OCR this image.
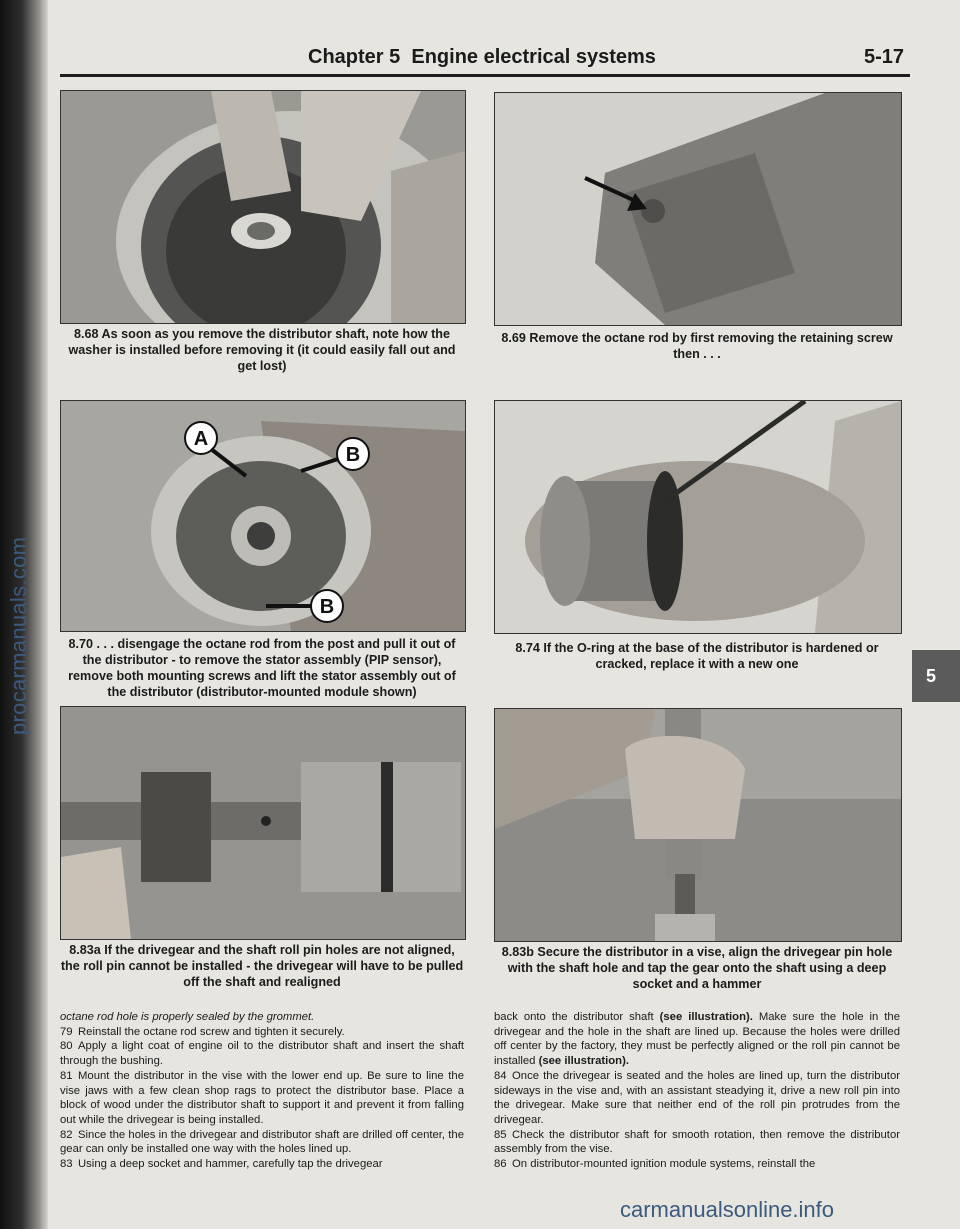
procarmanuals.com
Chapter 5  Engine electrical systems	5-17
8.68 As soon as you remove the distributor shaft, note how the washer is installed before removing it (it could easily fall out and get lost)
8.69 Remove the octane rod by first removing the retaining screw then . . .
A
B
B
8.70 . . . disengage the octane rod from the post and pull it out of the distributor - to remove the stator assembly (PIP sensor), remove both mounting screws and lift the stator assembly out of the distributor (distributor-mounted module shown)
8.74 If the O-ring at the base of the distributor is hardened or cracked, replace it with a new one
5
8.83a If the drivegear and the shaft roll pin holes are not aligned, the roll pin cannot be installed - the drivegear will have to be pulled off the shaft and realigned
8.83b Secure the distributor in a vise, align the drivegear pin hole with the shaft hole and tap the gear onto the shaft using a deep socket and a hammer

octane rod hole is properly sealed by the grommet.

79 Reinstall the octane rod screw and tighten it securely.

80 Apply a light coat of engine oil to the distributor shaft and insert the shaft through the bushing.

81 Mount the distributor in the vise with the lower end up. Be sure to line the vise jaws with a few clean shop rags to protect the distributor base. Place a block of wood under the distributor shaft to support it and prevent it from falling out while the drivegear is being installed.

82 Since the holes in the drivegear and distributor shaft are drilled off center, the gear can only be installed one way with the holes lined up.

83 Using a deep socket and hammer, carefully tap the drivegear

back onto the distributor shaft (see illustration). Make sure the hole in the drivegear and the hole in the shaft are lined up. Because the holes were drilled off center by the factory, they must be perfectly aligned or the roll pin cannot be installed (see illustration).

84 Once the drivegear is seated and the holes are lined up, turn the distributor sideways in the vise and, with an assistant steadying it, drive a new roll pin into the drivegear. Make sure that neither end of the roll pin protrudes from the drivegear.

85 Check the distributor shaft for smooth rotation, then remove the distributor assembly from the vise.

86 On distributor-mounted ignition module systems, reinstall the

carmanualsonline.info
